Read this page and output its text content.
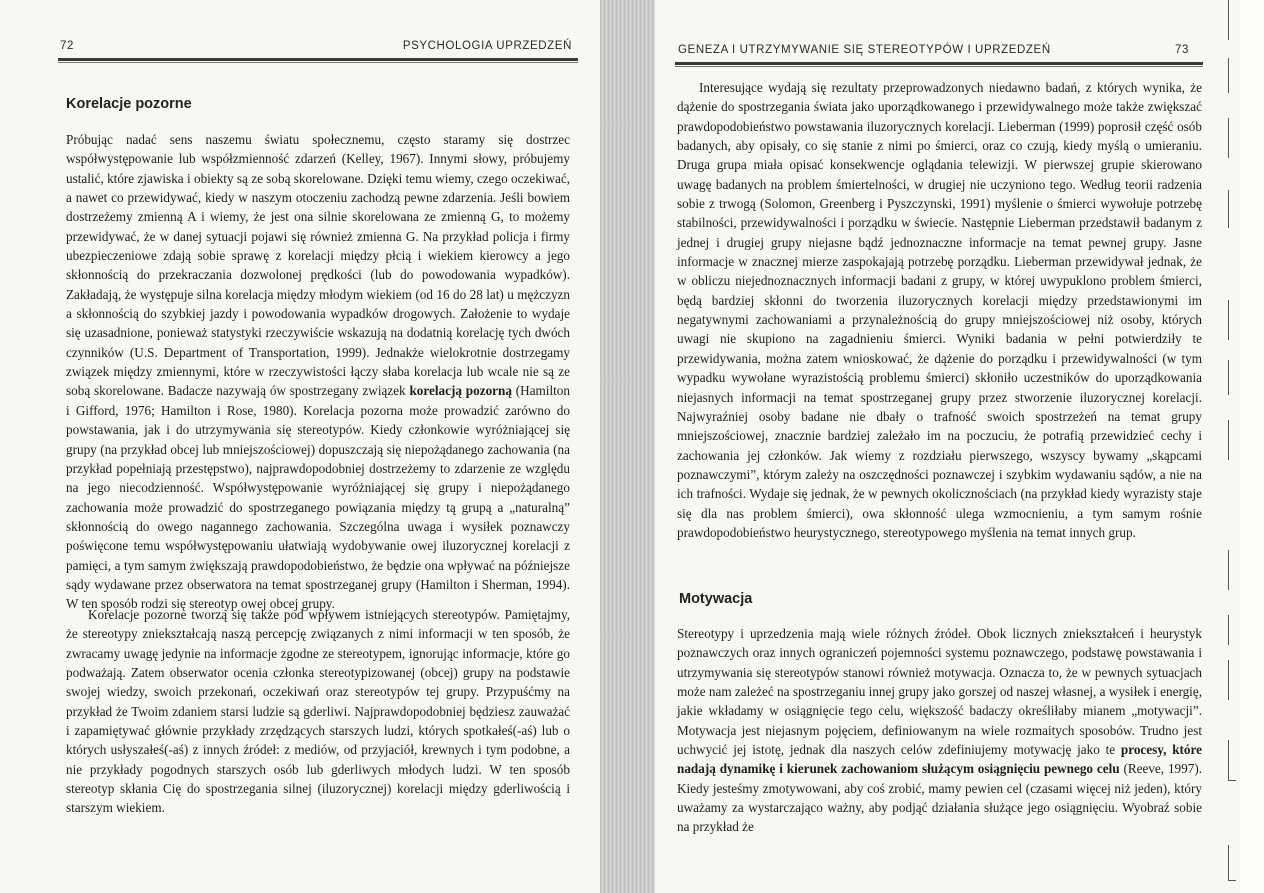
72	PSYCHOLOGIA UPRZEDZEŃ
Korelacje pozorne

Próbując nadać sens naszemu światu społecznemu, często staramy się dostrzec współwystępowanie lub współzmienność zdarzeń (Kelley, 1967). Innymi słowy, próbujemy ustalić, które zjawiska i obiekty są ze sobą skorelowane. Dzięki temu wiemy, czego oczekiwać, a nawet co przewidywać, kiedy w naszym otoczeniu zachodzą pewne zdarzenia. Jeśli bowiem dostrzeżemy zmienną A i wiemy, że jest ona silnie skorelowana ze zmienną G, to możemy przewidywać, że w danej sytuacji pojawi się również zmienna G. Na przykład policja i firmy ubezpieczeniowe zdają sobie sprawę z korelacji między płcią i wiekiem kierowcy a jego skłonnością do przekraczania dozwolonej prędkości (lub do powodowania wypadków). Zakładają, że występuje silna korelacja między młodym wiekiem (od 16 do 28 lat) u mężczyzn a skłonnością do szybkiej jazdy i powodowania wypadków drogowych. Założenie to wydaje się uzasadnione, ponieważ statystyki rzeczywiście wskazują na dodatnią korelację tych dwóch czynników (U.S. Department of Transportation, 1999). Jednakże wielokrotnie dostrzegamy związek między zmiennymi, które w rzeczywistości łączy słaba korelacja lub wcale nie są ze sobą skorelowane. Badacze nazywają ów spostrzegany związek korelacją pozorną (Hamilton i Gifford, 1976; Hamilton i Rose, 1980). Korelacja pozorna może prowadzić zarówno do powstawania, jak i do utrzymywania się stereotypów. Kiedy członkowie wyróżniającej się grupy (na przykład obcej lub mniejszościowej) dopuszczają się niepożądanego zachowania (na przykład popełniają przestępstwo), najprawdopodobniej dostrzeżemy to zdarzenie ze względu na jego niecodzienność. Współwystępowanie wyróżniającej się grupy i niepożądanego zachowania może prowadzić do spostrzeganego powiązania między tą grupą a „naturalną” skłonnością do owego nagannego zachowania. Szczególna uwaga i wysiłek poznawczy poświęcone temu współwystępowaniu ułatwiają wydobywanie owej iluzorycznej korelacji z pamięci, a tym samym zwiększają prawdopodobieństwo, że będzie ona wpływać na późniejsze sądy wydawane przez obserwatora na temat spostrzeganej grupy (Hamilton i Sherman, 1994). W ten sposób rodzi się stereotyp owej obcej grupy.

Korelacje pozorne tworzą się także pod wpływem istniejących stereotypów. Pamiętajmy, że stereotypy zniekształcają naszą percepcję związanych z nimi informacji w ten sposób, że zwracamy uwagę jedynie na informacje zgodne ze stereotypem, ignorując informacje, które go podważają. Zatem obserwator ocenia członka stereotypizowanej (obcej) grupy na podstawie swojej wiedzy, swoich przekonań, oczekiwań oraz stereotypów tej grupy. Przypuśćmy na przykład że Twoim zdaniem starsi ludzie są gderliwi. Najprawdopodobniej będziesz zauważać i zapamiętywać głównie przykłady zrzędzących starszych ludzi, których spotkałeś(-aś) lub o których usłyszałeś(-aś) z innych źródeł: z mediów, od przyjaciół, krewnych i tym podobne, a nie przykłady pogodnych starszych osób lub gderliwych młodych ludzi. W ten sposób stereotyp skłania Cię do spostrzegania silnej (iluzorycznej) korelacji między gderliwością i starszym wiekiem.

GENEZA I UTRZYMYWANIE SIĘ STEREOTYPÓW I UPRZEDZEŃ	73

Interesujące wydają się rezultaty przeprowadzonych niedawno badań, z których wynika, że dążenie do spostrzegania świata jako uporządkowanego i przewidywalnego może także zwiększać prawdopodobieństwo powstawania iluzorycznych korelacji. Lieberman (1999) poprosił część osób badanych, aby opisały, co się stanie z nimi po śmierci, oraz co czują, kiedy myślą o umieraniu. Druga grupa miała opisać konsekwencje oglądania telewizji. W pierwszej grupie skierowano uwagę badanych na problem śmiertelności, w drugiej nie uczyniono tego. Według teorii radzenia sobie z trwogą (Solomon, Greenberg i Pyszczynski, 1991) myślenie o śmierci wywołuje potrzebę stabilności, przewidywalności i porządku w świecie. Następnie Lieberman przedstawił badanym z jednej i drugiej grupy niejasne bądź jednoznaczne informacje na temat pewnej grupy. Jasne informacje w znacznej mierze zaspokajają potrzebę porządku. Lieberman przewidywał jednak, że w obliczu niejednoznacznych informacji badani z grupy, w której uwypuklono problem śmierci, będą bardziej skłonni do tworzenia iluzorycznych korelacji między przedstawionymi im negatywnymi zachowaniami a przynależnością do grupy mniejszościowej niż osoby, których uwagi nie skupiono na zagadnieniu śmierci. Wyniki badania w pełni potwierdziły te przewidywania, można zatem wnioskować, że dążenie do porządku i przewidywalności (w tym wypadku wywołane wyrazistością problemu śmierci) skłoniło uczestników do uporządkowania niejasnych informacji na temat spostrzeganej grupy przez stworzenie iluzorycznej korelacji. Najwyraźniej osoby badane nie dbały o trafność swoich spostrzeżeń na temat grupy mniejszościowej, znacznie bardziej zależało im na poczuciu, że potrafią przewidzieć cechy i zachowania jej członków. Jak wiemy z rozdziału pierwszego, wszyscy bywamy „skąpcami poznawczymi”, którym zależy na oszczędności poznawczej i szybkim wydawaniu sądów, a nie na ich trafności. Wydaje się jednak, że w pewnych okolicznościach (na przykład kiedy wyrazisty staje się dla nas problem śmierci), owa skłonność ulega wzmocnieniu, a tym samym rośnie prawdopodobieństwo heurystycznego, stereotypowego myślenia na temat innych grup.

Motywacja

Stereotypy i uprzedzenia mają wiele różnych źródeł. Obok licznych zniekształceń i heurystyk poznawczych oraz innych ograniczeń pojemności systemu poznawczego, podstawę powstawania i utrzymywania się stereotypów stanowi również motywacja. Oznacza to, że w pewnych sytuacjach może nam zależeć na spostrzeganiu innej grupy jako gorszej od naszej własnej, a wysiłek i energię, jakie wkładamy w osiągnięcie tego celu, większość badaczy określiłaby mianem „motywacji”. Motywacja jest niejasnym pojęciem, definiowanym na wiele rozmaitych sposobów. Trudno jest uchwycić jej istotę, jednak dla naszych celów zdefiniujemy motywację jako te procesy, które nadają dynamikę i kierunek zachowaniom służącym osiągnięciu pewnego celu (Reeve, 1997). Kiedy jesteśmy zmotywowani, aby coś zrobić, mamy pewien cel (czasami więcej niż jeden), który uważamy za wystarczająco ważny, aby podjąć działania służące jego osiągnięciu. Wyobraź sobie na przykład że
